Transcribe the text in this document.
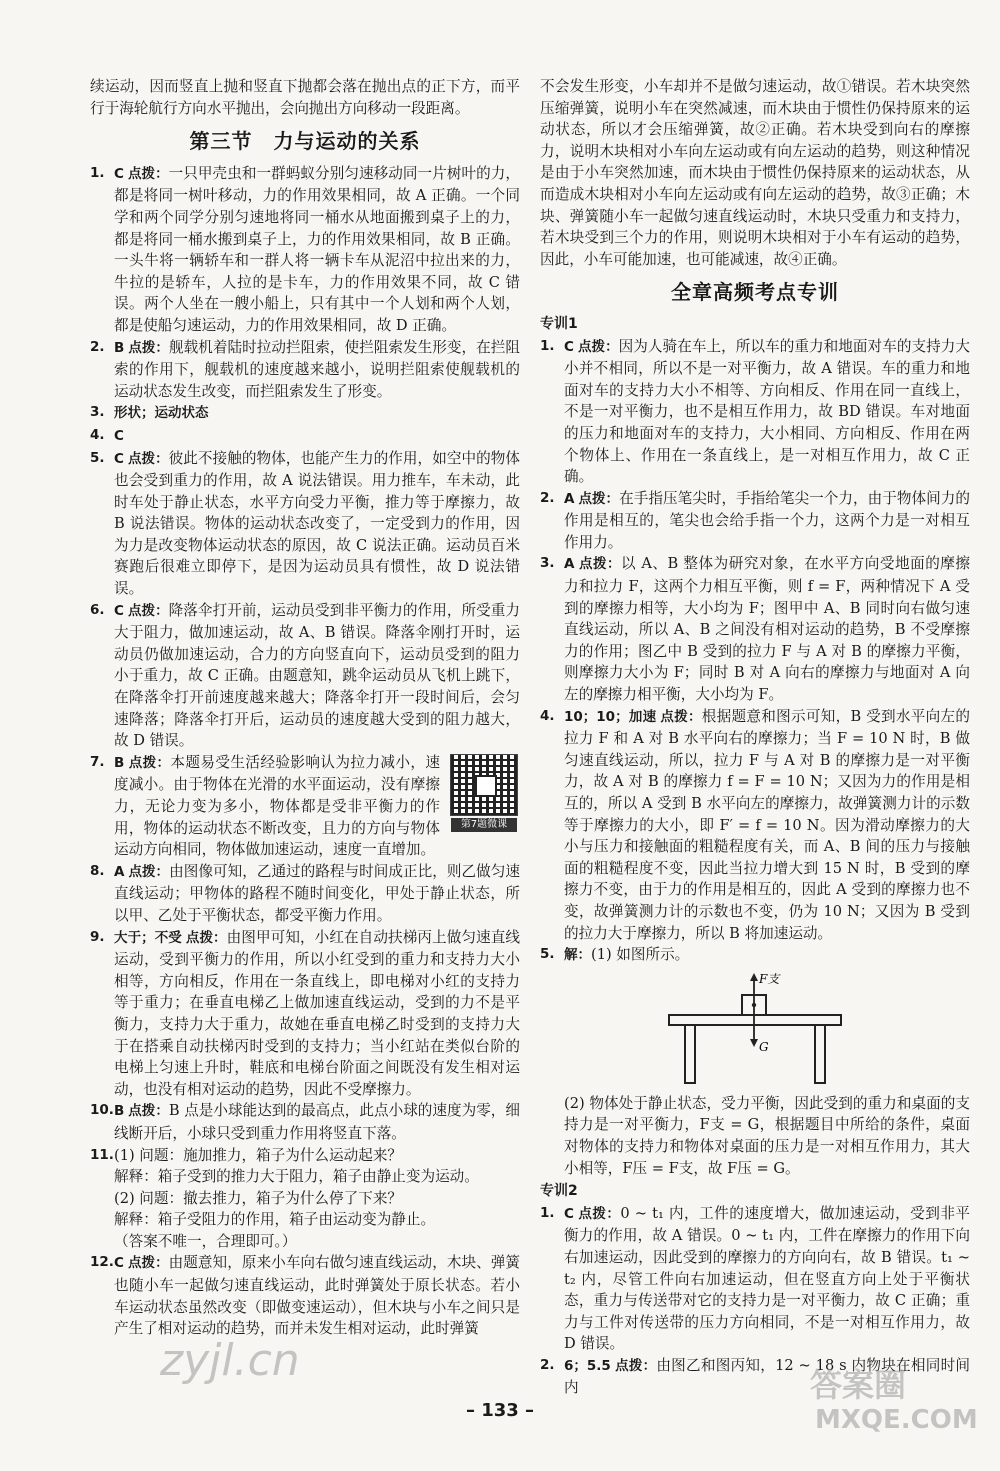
续运动，因而竖直上抛和竖直下抛都会落在抛出点的正下方，而平行于海轮航行方向水平抛出，会向抛出方向移动一段距离。

第三节　力与运动的关系
1. C 点拨：一只甲壳虫和一群蚂蚁分别匀速移动同一片树叶的力，都是将同一树叶移动，力的作用效果相同，故 A 正确。一个同学和两个同学分别匀速地将同一桶水从地面搬到桌子上的力，都是将同一桶水搬到桌子上，力的作用效果相同，故 B 正确。一头牛将一辆轿车和一群人将一辆卡车从泥沼中拉出来的力，牛拉的是轿车，人拉的是卡车，力的作用效果不同，故 C 错误。两个人坐在一艘小船上，只有其中一个人划和两个人划，都是使船匀速运动，力的作用效果相同，故 D 正确。
2. B 点拨：舰载机着陆时拉动拦阻索，使拦阻索发生形变，在拦阻索的作用下，舰载机的速度越来越小，说明拦阻索使舰载机的运动状态发生改变，而拦阻索发生了形变。
3. 形状；运动状态
4. C
5. C 点拨：彼此不接触的物体，也能产生力的作用，如空中的物体也会受到重力的作用，故 A 说法错误。用力推车，车未动，此时车处于静止状态，水平方向受力平衡，推力等于摩擦力，故 B 说法错误。物体的运动状态改变了，一定受到力的作用，因为力是改变物体运动状态的原因，故 C 说法正确。运动员百米赛跑后很难立即停下，是因为运动员具有惯性，故 D 说法错误。
6. C 点拨：降落伞打开前，运动员受到非平衡力的作用，所受重力大于阻力，做加速运动，故 A、B 错误。降落伞刚打开时，运动员仍做加速运动，合力的方向竖直向下，运动员受到的阻力小于重力，故 C 正确。由题意知，跳伞运动员从飞机上跳下，在降落伞打开前速度越来越大；降落伞打开一段时间后，会匀速降落；降落伞打开后，运动员的速度越大受到的阻力越大，故 D 错误。
7.
第7题微课
B 点拨：本题易受生活经验影响认为拉力减小，速度减小。由于物体在光滑的水平面运动，没有摩擦力，无论力变为多小，物体都是受非平衡力的作用，物体的运动状态不断改变，且力的方向与物体运动方向相同，物体做加速运动，速度一直增加。
8. A 点拨：由图像可知，乙通过的路程与时间成正比，则乙做匀速直线运动；甲物体的路程不随时间变化，甲处于静止状态，所以甲、乙处于平衡状态，都受平衡力作用。
9. 大于；不受 点拨：由图甲可知，小红在自动扶梯丙上做匀速直线运动，受到平衡力的作用，所以小红受到的重力和支持力大小相等，方向相反，作用在一条直线上，即电梯对小红的支持力等于重力；在垂直电梯乙上做加速直线运动，受到的力不是平衡力，支持力大于重力，故她在垂直电梯乙时受到的支持力大于在搭乘自动扶梯丙时受到的支持力；当小红站在类似台阶的电梯上匀速上升时，鞋底和电梯台阶面之间既没有发生相对运动，也没有相对运动的趋势，因此不受摩擦力。
10. B 点拨：B 点是小球能达到的最高点，此点小球的速度为零，细线断开后，小球只受到重力作用将竖直下落。
11. (1) 问题：施加推力，箱子为什么运动起来？
解释：箱子受到的推力大于阻力，箱子由静止变为运动。
(2) 问题：撤去推力，箱子为什么停了下来？
解释：箱子受阻力的作用，箱子由运动变为静止。
（答案不唯一，合理即可。）
12. C 点拨：由题意知，原来小车向右做匀速直线运动，木块、弹簧也随小车一起做匀速直线运动，此时弹簧处于原长状态。若小车运动状态虽然改变（即做变速运动），但木块与小车之间只是产生了相对运动的趋势，而并未发生相对运动，此时弹簧

不会发生形变，小车却并不是做匀速运动，故①错误。若木块突然压缩弹簧，说明小车在突然减速，而木块由于惯性仍保持原来的运动状态，所以才会压缩弹簧，故②正确。若木块受到向右的摩擦力，说明木块相对小车向左运动或有向左运动的趋势，则这种情况是由于小车突然加速，而木块由于惯性仍保持原来的运动状态，从而造成木块相对小车向左运动或有向左运动的趋势，故③正确；木块、弹簧随小车一起做匀速直线运动时，木块只受重力和支持力，若木块受到三个力的作用，则说明木块相对于小车有运动的趋势，因此，小车可能加速，也可能减速，故④正确。

全章高频考点专训
专训1
1. C 点拨：因为人骑在车上，所以车的重力和地面对车的支持力大小并不相同，所以不是一对平衡力，故 A 错误。车的重力和地面对车的支持力大小不相等、方向相反、作用在同一直线上，不是一对平衡力，也不是相互作用力，故 BD 错误。车对地面的压力和地面对车的支持力，大小相同、方向相反、作用在两个物体上、作用在一条直线上，是一对相互作用力，故 C 正确。
2. A 点拨：在手指压笔尖时，手指给笔尖一个力，由于物体间力的作用是相互的，笔尖也会给手指一个力，这两个力是一对相互作用力。
3. A 点拨：以 A、B 整体为研究对象，在水平方向受地面的摩擦力和拉力 F，这两个力相互平衡，则 f = F，两种情况下 A 受到的摩擦力相等，大小均为 F；图甲中 A、B 同时向右做匀速直线运动，所以 A、B 之间没有相对运动的趋势，B 不受摩擦力的作用；图乙中 B 受到的拉力 F 与 A 对 B 的摩擦力平衡，则摩擦力大小为 F；同时 B 对 A 向右的摩擦力与地面对 A 向左的摩擦力相平衡，大小均为 F。
4. 10；10；加速 点拨：根据题意和图示可知，B 受到水平向左的拉力 F 和 A 对 B 水平向右的摩擦力；当 F = 10 N 时，B 做匀速直线运动，所以，拉力 F 与 A 对 B 的摩擦力是一对平衡力，故 A 对 B 的摩擦力 f = F = 10 N；又因为力的作用是相互的，所以 A 受到 B 水平向左的摩擦力，故弹簧测力计的示数等于摩擦力的大小，即 F′ = f = 10 N。因为滑动摩擦力的大小与压力和接触面的粗糙程度有关，而 A、B 间的压力与接触面的粗糙程度不变，因此当拉力增大到 15 N 时，B 受到的摩擦力不变，由于力的作用是相互的，因此 A 受到的摩擦力也不变，故弹簧测力计的示数也不变，仍为 10 N；又因为 B 受到的拉力大于摩擦力，所以 B 将加速运动。
5. 解：(1) 如图所示。
F支
G

(2) 物体处于静止状态，受力平衡，因此受到的重力和桌面的支持力是一对平衡力，F支 = G，根据题目中所给的条件，桌面对物体的支持力和物体对桌面的压力是一对相互作用力，其大小相等，F压 = F支，故 F压 = G。

专训2
1. C 点拨：0 ~ t₁ 内，工件的速度增大，做加速运动，受到非平衡力的作用，故 A 错误。0 ~ t₁ 内，工件在摩擦力的作用下向右加速运动，因此受到的摩擦力的方向向右，故 B 错误。t₁ ~ t₂ 内，尽管工件向右加速运动，但在竖直方向上处于平衡状态，重力与传送带对它的支持力是一对平衡力，故 C 正确；重力与工件对传送带的压力方向相同，不是一对相互作用力，故 D 错误。
2. 6；5.5 点拨：由图乙和图丙知，12 ~ 18 s 内物块在相同时间内
– 133 –
zyjl.cn	答案圈
MXQE.COM
